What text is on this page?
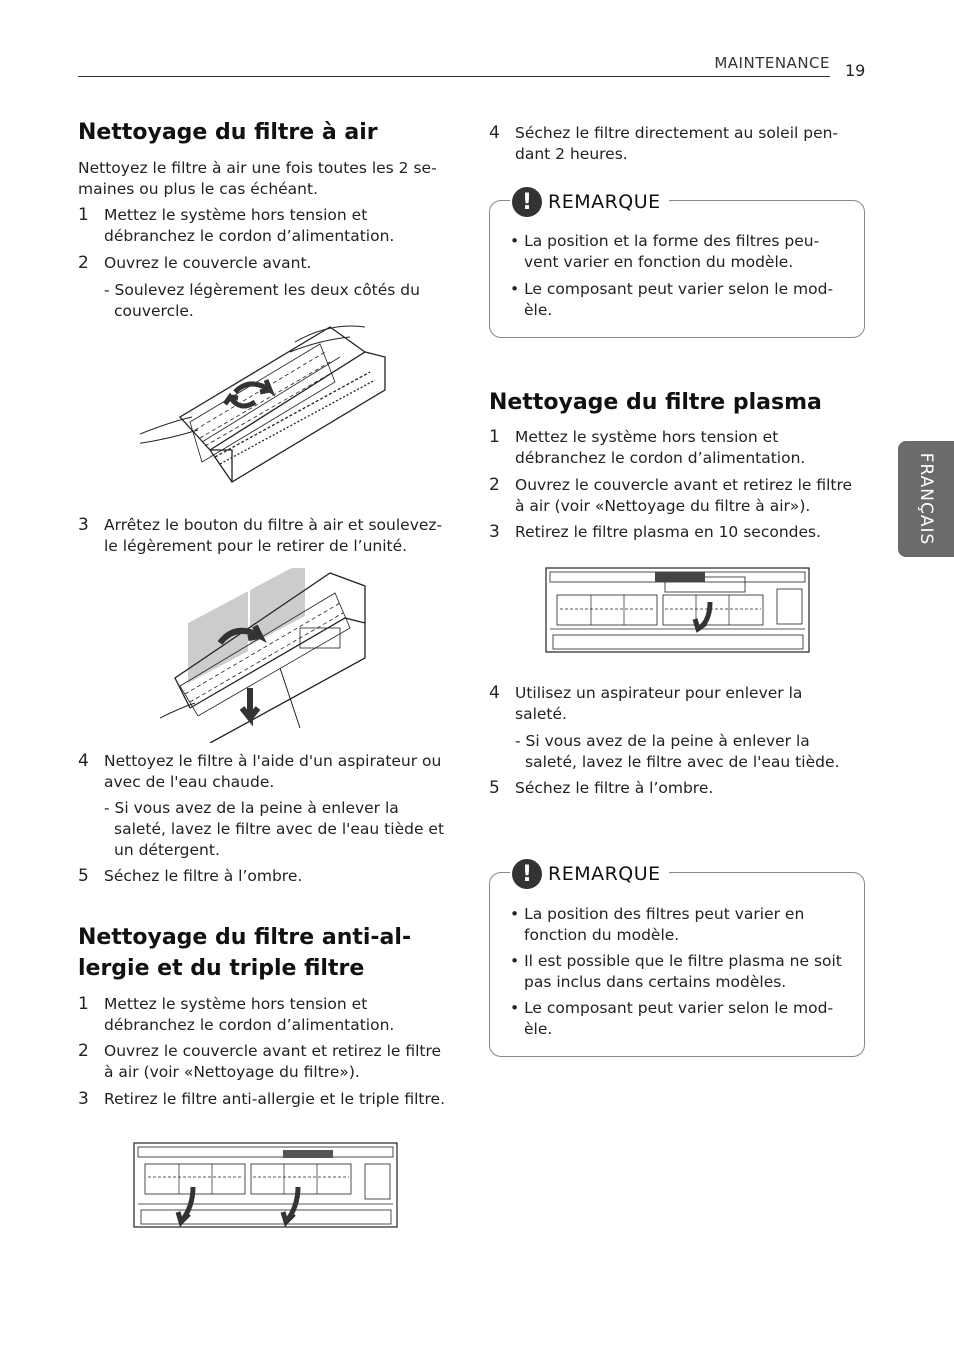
MAINTENANCE 19
FRANÇAIS
Nettoyage du filtre à air
Nettoyez le filtre à air une fois toutes les 2 se-maines ou plus le cas échéant.
1 Mettez le système hors tension et débranchez le cordon d’alimentation.
2 Ouvrez le couvercle avant.
- Soulevez légèrement les deux côtés du couvercle.
3 Arrêtez le bouton du filtre à air et soulevez-le légèrement pour le retirer de l’unité.
4 Nettoyez le filtre à l'aide d'un aspirateur ou avec de l'eau chaude.
- Si vous avez de la peine à enlever la saleté, lavez le filtre avec de l'eau tiède et un détergent.
5 Séchez le filtre à l’ombre.
Nettoyage du filtre anti-al-
lergie et du triple filtre
1 Mettez le système hors tension et débranchez le cordon d’alimentation.
2 Ouvrez le couvercle avant et retirez le filtre à air (voir «Nettoyage du filtre»).
3 Retirez le filtre anti-allergie et le triple filtre.
4 Séchez le filtre directement au soleil pen-dant 2 heures.
! REMARQUE
• La position et la forme des filtres peu-vent varier en fonction du modèle.
• Le composant peut varier selon le mod-èle.
Nettoyage du filtre plasma
1 Mettez le système hors tension et débranchez le cordon d’alimentation.
2 Ouvrez le couvercle avant et retirez le filtre à air (voir «Nettoyage du filtre à air»).
3 Retirez le filtre plasma en 10 secondes.
4 Utilisez un aspirateur pour enlever la saleté.
- Si vous avez de la peine à enlever la saleté, lavez le filtre avec de l'eau tiède.
5 Séchez le filtre à l’ombre.
! REMARQUE
• La position des filtres peut varier en fonction du modèle.
• Il est possible que le filtre plasma ne soit pas inclus dans certains modèles.
• Le composant peut varier selon le mod-èle.
